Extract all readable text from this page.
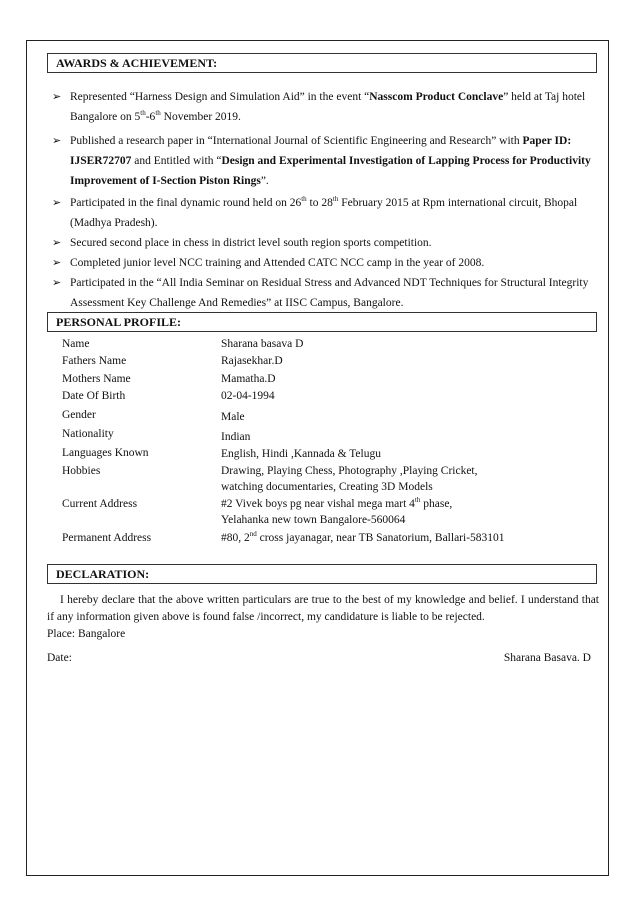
AWARDS & ACHIEVEMENT:
➢ Represented “Harness Design and Simulation Aid” in the event “Nasscom Product Conclave” held at Taj hotel Bangalore on 5th-6th November 2019.
➢ Published a research paper in “International Journal of Scientific Engineering and Research” with Paper ID: IJSER72707 and Entitled with “Design and Experimental Investigation of Lapping Process for Productivity Improvement of I-Section Piston Rings”.
➢ Participated in the final dynamic round held on 26th to 28th February 2015 at Rpm international circuit, Bhopal (Madhya Pradesh).
➢ Secured second place in chess in district level south region sports competition.
➢ Completed junior level NCC training and Attended CATC NCC camp in the year of 2008.
➢ Participated in the “All India Seminar on Residual Stress and Advanced NDT Techniques for Structural Integrity Assessment Key Challenge And Remedies” at IISC Campus, Bangalore.
PERSONAL PROFILE:
Name	Sharana basava D
Fathers Name	Rajasekhar.D
Mothers Name	Mamatha.D
Date Of Birth	02-04-1994
Gender	Male
Nationality	Indian
Languages Known	English, Hindi ,Kannada & Telugu
Hobbies	Drawing, Playing Chess, Photography ,Playing Cricket,
watching documentaries, Creating 3D Models
Current Address	#2 Vivek boys pg near vishal mega mart 4th phase,
Yelahanka new town Bangalore-560064
Permanent Address	#80, 2nd cross jayanagar, near TB Sanatorium, Ballari-583101
DECLARATION:
I hereby declare that the above written particulars are true to the best of my knowledge and belief. I understand that if any information given above is found false /incorrect, my candidature is liable to be rejected.
Place: Bangalore
Date:	Sharana Basava. D
